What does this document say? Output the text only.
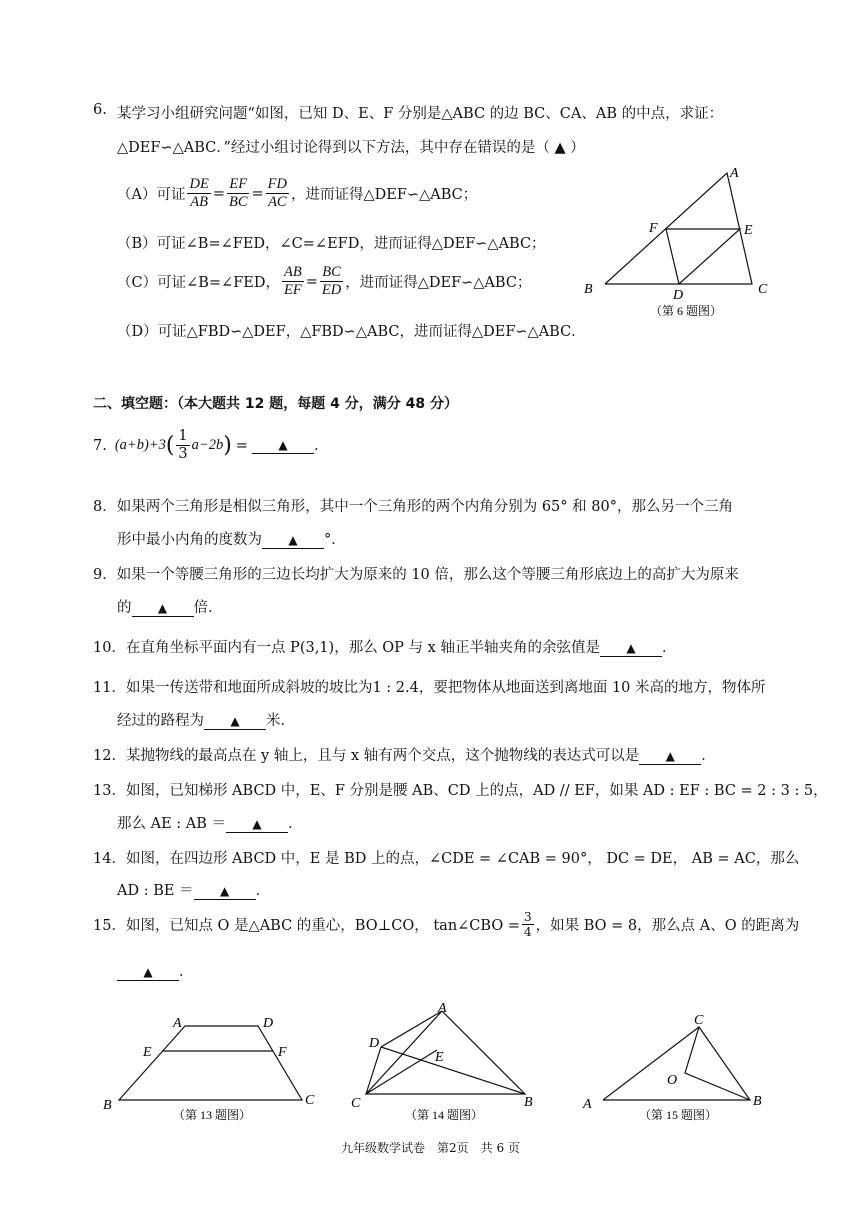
6. 某学习小组研究问题“如图，已知 D、E、F 分别是△ABC 的边 BC、CA、AB 的中点，求证：
△DEF∽△ABC．”经过小组讨论得到以下方法，其中存在错误的是（ ▲ ）
（A）可证 $\frac{DE}{AB} = \frac{EF}{BC} = \frac{FD}{AC}$ ，进而证得△DEF∽△ABC；
（B）可证∠B=∠FED，∠C=∠EFD，进而证得△DEF∽△ABC；
（C）可证∠B=∠FED， $\frac{AB}{EF} = \frac{BC}{ED}$ ，进而证得△DEF∽△ABC；
（D）可证△FBD∽△DEF，△FBD∽△ABC，进而证得△DEF∽△ABC．
A
B	C
D
E
F
（第 6 题图）
二、填空题：（本大题共 12 题，每题 4 分，满分 48 分）
7. (a+b)+3 ( $\frac{1}{3} a-2b$ ) =	▲	.
8．如果两个三角形是相似三角形，其中一个三角形的两个内角分别为 65° 和 80°，那么另一个三角
形中最小内角的度数为 ▲ °．
9．如果一个等腰三角形的三边长均扩大为原来的 10 倍，那么这个等腰三角形底边上的高扩大为原来
的 ▲ 倍．
10．在直角坐标平面内有一点 P(3,1)，那么 OP 与 x 轴正半轴夹角的余弦值是 ▲ ．
11．如果一传送带和地面所成斜坡的坡比为1 : 2.4，要把物体从地面送到离地面 10 米高的地方，物体所
经过的路程为 ▲ 米．
12．某抛物线的最高点在 y 轴上，且与 x 轴有两个交点，这个抛物线的表达式可以是 ▲ ．
13．如图，已知梯形 ABCD 中，E、F 分别是腰 AB、CD 上的点，AD // EF，如果 AD : EF : BC = 2 : 3 : 5，
那么 AE : AB ＝ ▲ ．
14．如图，在四边形 ABCD 中，E 是 BD 上的点，∠CDE = ∠CAB = 90°， DC = DE， AB = AC，那么
AD : BE ＝ ▲ ．
15．如图，已知点 O 是△ABC 的重心，BO⊥CO， tan∠CBO = $\frac{3}{4}$ ，如果 BO = 8，那么点 A、O 的距离为
▲ ．
A	D
E	F
B	C
（第 13 题图）
A
D
E
C	B
（第 14 题图）
C
O
A	B
（第 15 题图）
九年级数学试卷　第2页　共 6 页
